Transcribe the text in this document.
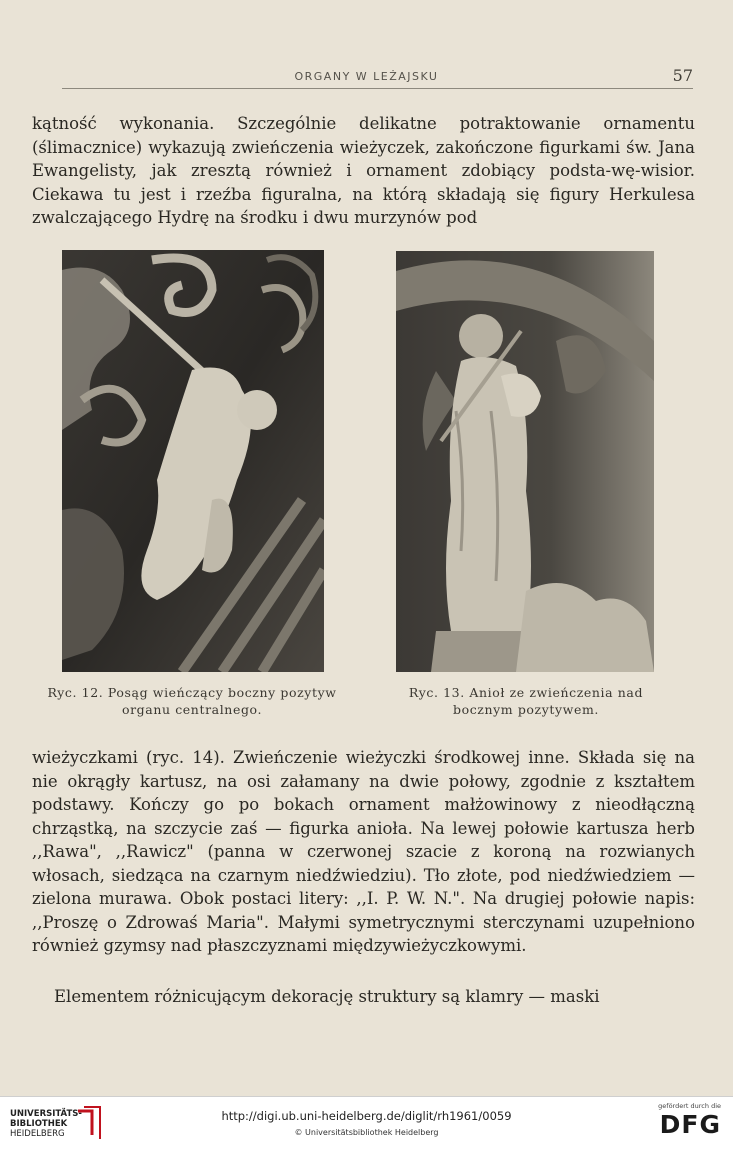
ORGANY W LEŻAJSKU	57

kątność wykonania. Szczególnie delikatne potraktowanie ornamentu (ślimacznice) wykazują zwieńczenia wieżyczek, zakończone figurkami św. Jana Ewangelisty, jak zresztą również i ornament zdobiący podsta-wę-wisior. Ciekawa tu jest i rzeźba figuralna, na którą składają się figury Herkulesa zwalczającego Hydrę na środku i dwu murzynów pod

Ryc. 12. Posąg wieńczący boczny pozytyw organu centralnego.
Ryc. 13. Anioł ze zwieńczenia nad bocznym pozytywem.

wieżyczkami (ryc. 14). Zwieńczenie wieżyczki środkowej inne. Składa się na nie okrągły kartusz, na osi załamany na dwie połowy, zgodnie z kształtem podstawy. Kończy go po bokach ornament małżowinowy z nieodłączną chrząstką, na szczycie zaś — figurka anioła. Na lewej połowie kartusza herb ,,Rawa", ,,Rawicz" (panna w czerwonej szacie z koroną na rozwianych włosach, siedząca na czarnym niedźwiedziu). Tło złote, pod niedźwiedziem — zielona murawa. Obok postaci litery: ,,I. P. W. N.". Na drugiej połowie napis: ,,Proszę o Zdrowaś Maria". Małymi symetrycznymi sterczynami uzupełniono również gzymsy nad płaszczyznami międzywieżyczkowymi.

Elementem różnicującym dekorację struktury są klamry — maski

UNIVERSITÄTS-
BIBLIOTHEK
HEIDELBERG
http://digi.ub.uni-heidelberg.de/diglit/rh1961/0059
© Universitätsbibliothek Heidelberg
gefördert durch die
DFG
